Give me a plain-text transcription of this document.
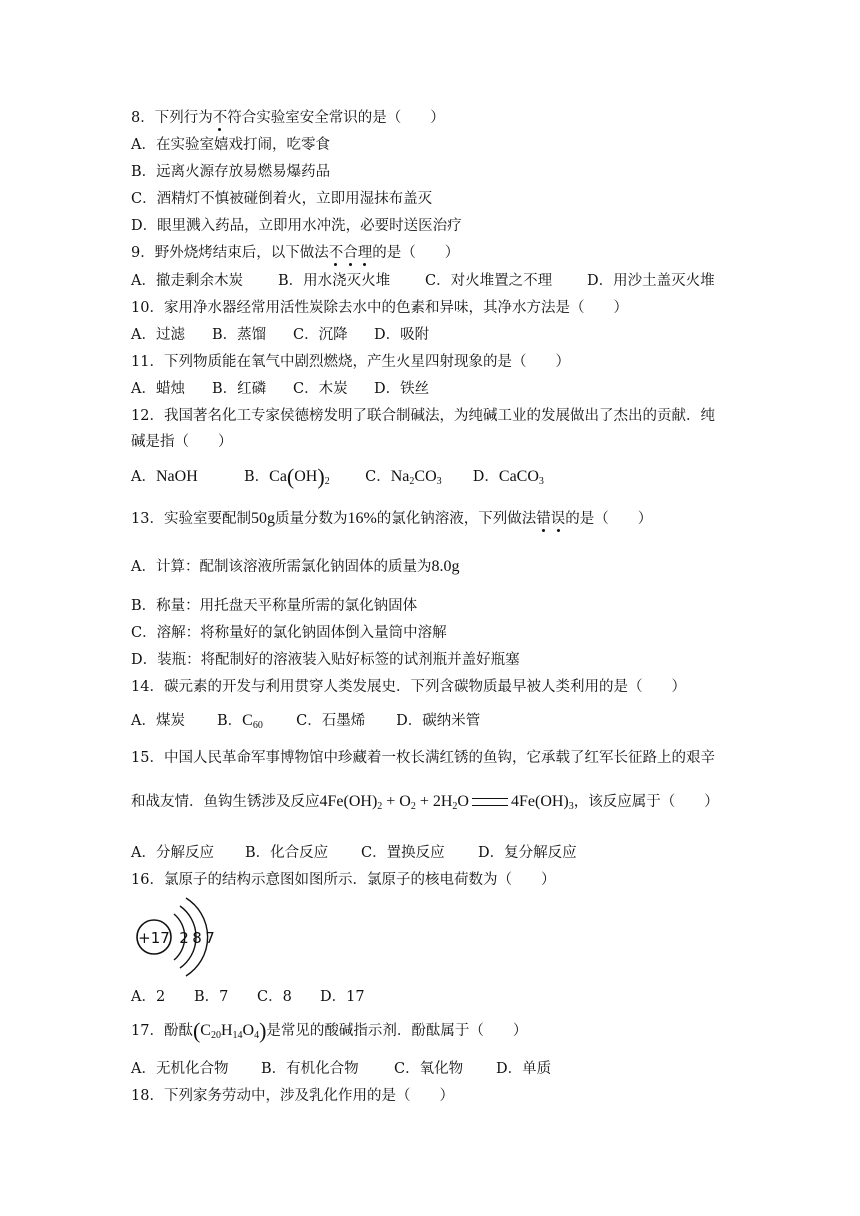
8．下列行为不符合实验室安全常识的是（　　）
A．在实验室嬉戏打闹，吃零食
B．远离火源存放易燃易爆药品
C．酒精灯不慎被碰倒着火，立即用湿抹布盖灭
D．眼里溅入药品，立即用水冲洗，必要时送医治疗
9．野外烧烤结束后，以下做法不合理的是（　　）
A．撤走剩余木炭 B．用水浇灭火堆 C．对火堆置之不理 D．用沙土盖灭火堆
10．家用净水器经常用活性炭除去水中的色素和异味，其净水方法是（　　）
A．过滤 B．蒸馏 C．沉降 D．吸附
11．下列物质能在氧气中剧烈燃烧，产生火星四射现象的是（　　）
A．蜡烛 B．红磷 C．木炭 D．铁丝
12．我国著名化工专家侯德榜发明了联合制碱法，为纯碱工业的发展做出了杰出的贡献．纯
碱是指（　　）
A．NaOH	B．$Ca(OH)_2$ C．$Na_2CO_3$ D．CaCO$_3$
13．实验室要配制50g质量分数为16%的氯化钠溶液，下列做法错误的是（　　）
A．计算：配制该溶液所需氯化钠固体的质量为8.0g
B．称量：用托盘天平称量所需的氯化钠固体
C．溶解：将称量好的氯化钠固体倒入量筒中溶解
D．装瓶：将配制好的溶液装入贴好标签的试剂瓶并盖好瓶塞
14．碳元素的开发与利用贯穿人类发展史．下列含碳物质最早被人类利用的是（　　）
A．煤炭 B．$C_{60}$ C．石墨烯 D．碳纳米管
15．中国人民革命军事博物馆中珍藏着一枚长满红锈的鱼钩，它承载了红军长征路上的艰辛
和战友情．鱼钩生锈涉及反应$4Fe(OH)_2 + O_2 + 2H_2O$	$4Fe(OH)_3$，该反应属于（　　）
A．分解反应 B．化合反应 C．置换反应 D．复分解反应
16．氯原子的结构示意图如图所示．氯原子的核电荷数为（　　）
+17 2 8 7
A．2 B．7 C．8 D．17
17．酚酞$(C_{20}H_{14}O_4)$是常见的酸碱指示剂．酚酞属于（　　）
A．无机化合物 B．有机化合物 C．氧化物 D．单质
18．下列家务劳动中，涉及乳化作用的是（　　）
